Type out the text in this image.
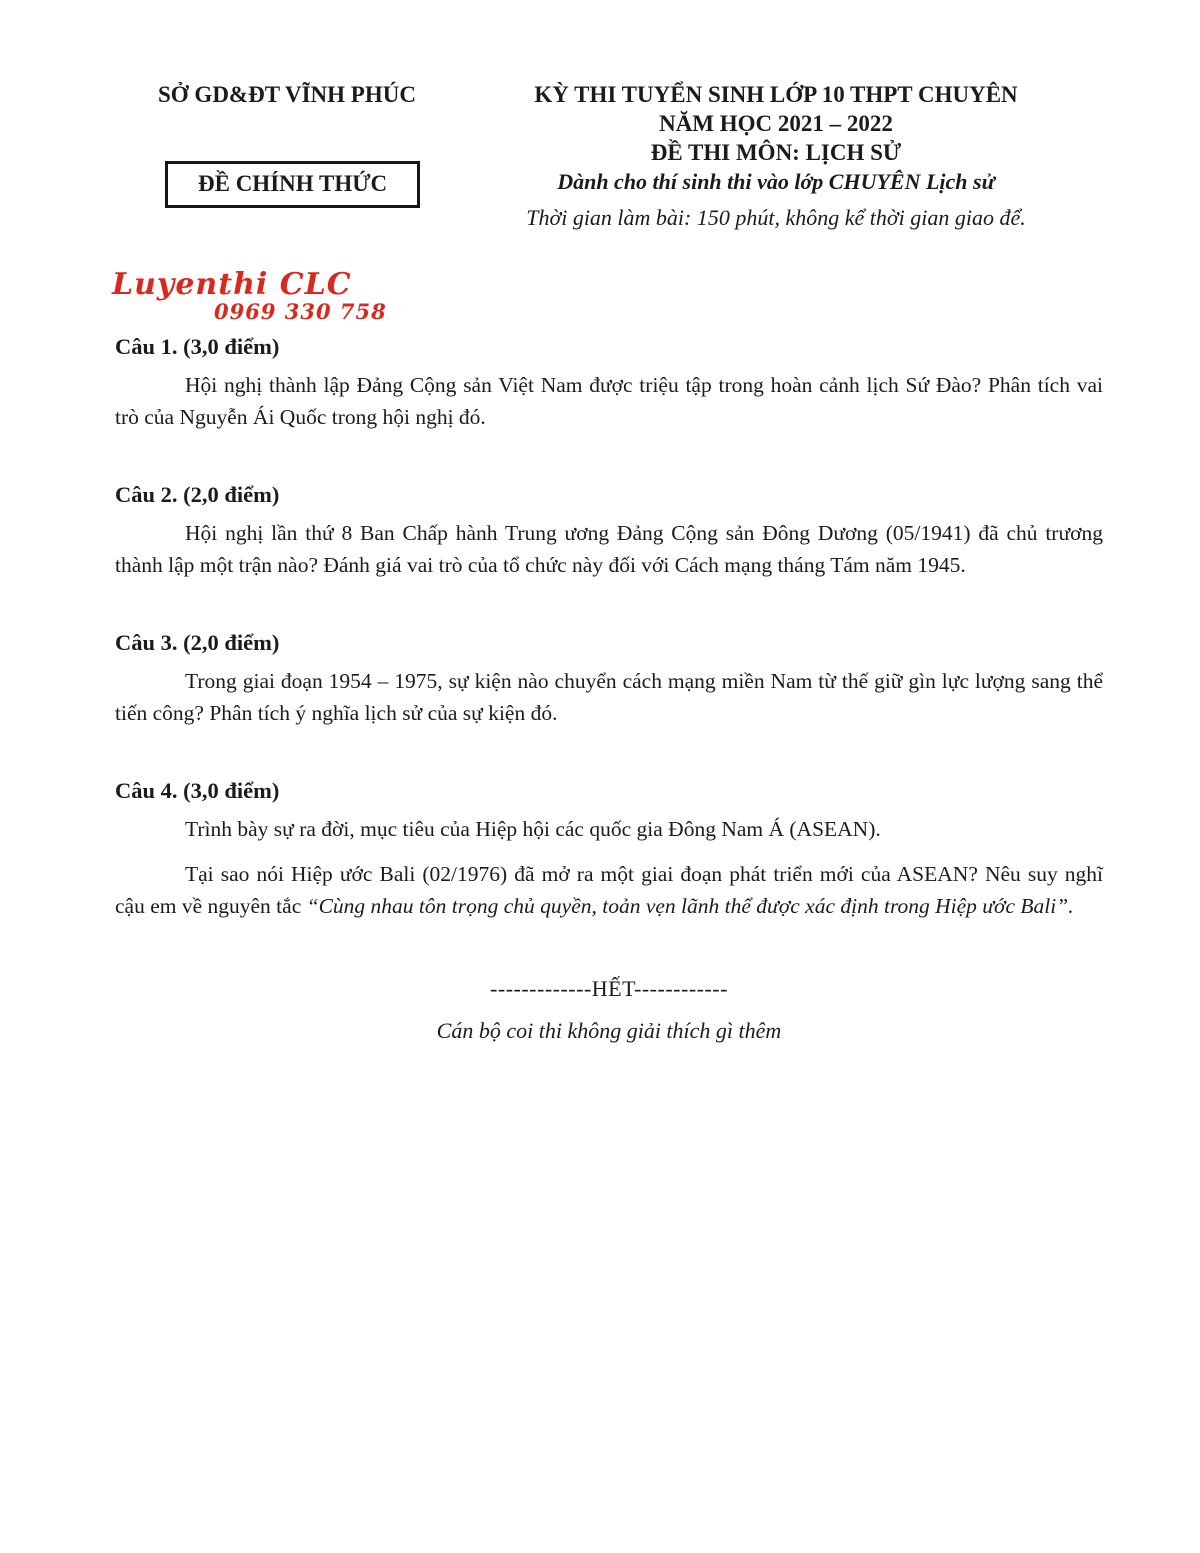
SỞ GD&ĐT VĨNH PHÚC
ĐỀ CHÍNH THỨC
KỲ THI TUYỂN SINH LỚP 10 THPT CHUYÊN
NĂM HỌC 2021 – 2022
ĐỀ THI MÔN: LỊCH SỬ
Dành cho thí sinh thi vào lớp CHUYÊN Lịch sử
Thời gian làm bài: 150 phút, không kể thời gian giao để.
Luyenthi CLC
0969 330 758
Câu 1. (3,0 điểm)

Hội nghị thành lập Đảng Cộng sản Việt Nam được triệu tập trong hoàn cảnh lịch Sứ Đào? Phân tích vai trò của Nguyễn Ái Quốc trong hội nghị đó.

Câu 2. (2,0 điểm)

Hội nghị lần thứ 8 Ban Chấp hành Trung ương Đảng Cộng sản Đông Dương (05/1941) đã chủ trương thành lập một trận nào? Đánh giá vai trò của tổ chức này đối với Cách mạng tháng Tám năm 1945.

Câu 3. (2,0 điểm)

Trong giai đoạn 1954 – 1975, sự kiện nào chuyển cách mạng miền Nam từ thế giữ gìn lực lượng sang thể tiến công? Phân tích ý nghĩa lịch sử của sự kiện đó.

Câu 4. (3,0 điểm)

Trình bày sự ra đời, mục tiêu của Hiệp hội các quốc gia Đông Nam Á (ASEAN).

Tại sao nói Hiệp ước Bali (02/1976) đã mở ra một giai đoạn phát triển mới của ASEAN? Nêu suy nghĩ cậu em về nguyên tắc “Cùng nhau tôn trọng chủ quyền, toản vẹn lãnh thể được xác định trong Hiệp ước Bali”.

-------------HẾT------------
Cán bộ coi thi không giải thích gì thêm
